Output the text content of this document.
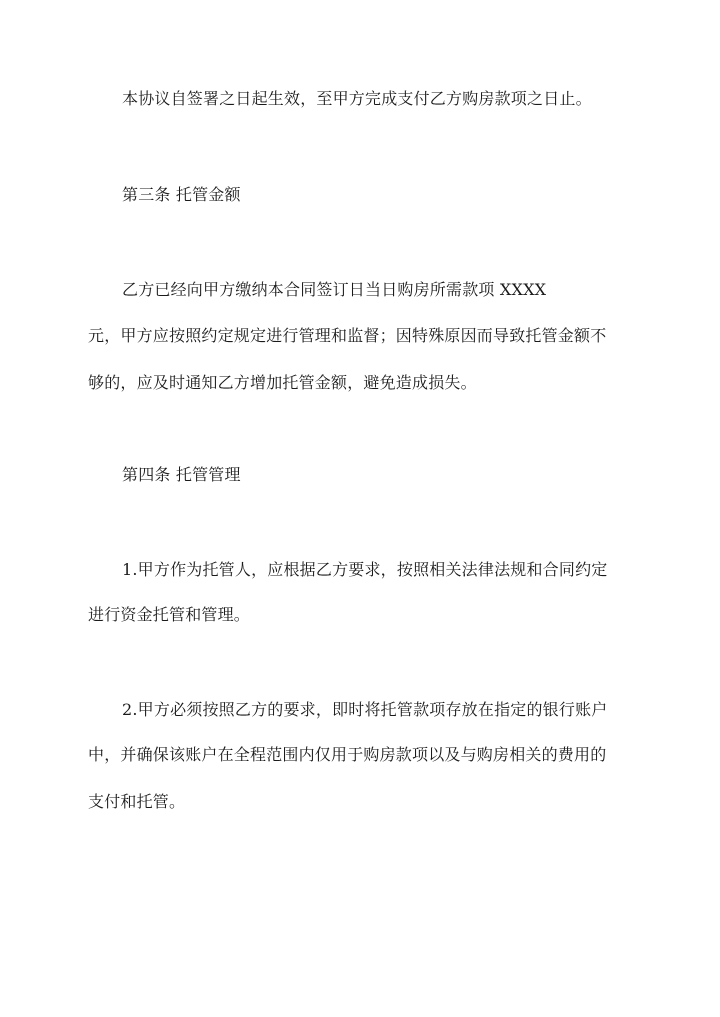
本协议自签署之日起生效，至甲方完成支付乙方购房款项之日止。
第三条 托管金额
乙方已经向甲方缴纳本合同签订日当日购房所需款项 XXXX
元，甲方应按照约定规定进行管理和监督；因特殊原因而导致托管金额不
够的，应及时通知乙方增加托管金额，避免造成损失。
第四条 托管管理
1.甲方作为托管人，应根据乙方要求，按照相关法律法规和合同约定
进行资金托管和管理。
2.甲方必须按照乙方的要求，即时将托管款项存放在指定的银行账户
中，并确保该账户在全程范围内仅用于购房款项以及与购房相关的费用的
支付和托管。
